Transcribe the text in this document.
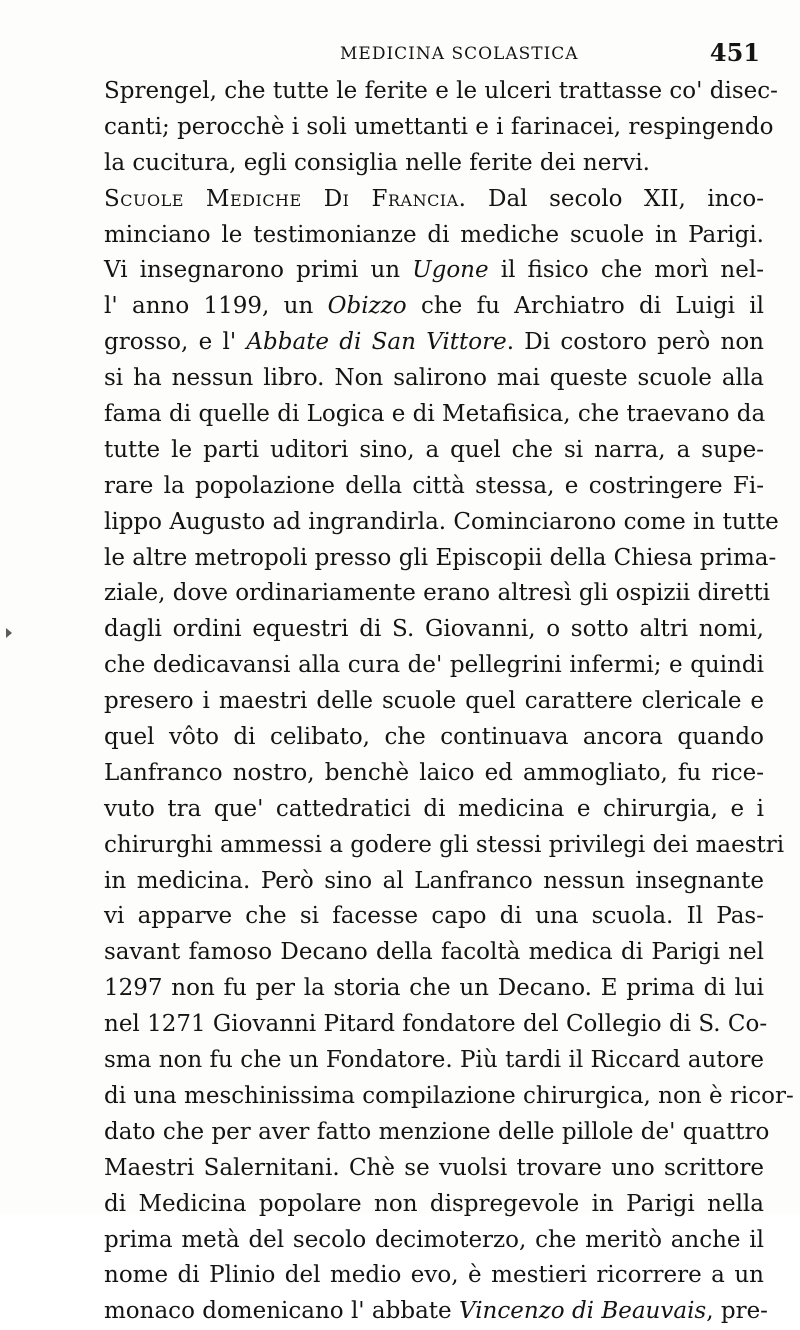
MEDICINA SCOLASTICA	451
Sprengel, che tutte le ferite e le ulceri trattasse co' disec-
canti; perocchè i soli umettanti e i farinacei, respingendo
la cucitura, egli consiglia nelle ferite dei nervi.
Scuole Mediche Di Francia. Dal secolo XII, inco-
minciano le testimonianze di mediche scuole in Parigi.
Vi insegnarono primi un Ugone il fisico che morì nel-
l' anno 1199, un Obizzo che fu Archiatro di Luigi il
grosso, e l' Abbate di San Vittore. Di costoro però non
si ha nessun libro. Non salirono mai queste scuole alla
fama di quelle di Logica e di Metafisica, che traevano da
tutte le parti uditori sino, a quel che si narra, a supe-
rare la popolazione della città stessa, e costringere Fi-
lippo Augusto ad ingrandirla. Cominciarono come in tutte
le altre metropoli presso gli Episcopii della Chiesa prima-
ziale, dove ordinariamente erano altresì gli ospizii diretti
dagli ordini equestri di S. Giovanni, o sotto altri nomi,
che dedicavansi alla cura de' pellegrini infermi; e quindi
presero i maestri delle scuole quel carattere clericale e
quel vôto di celibato, che continuava ancora quando
Lanfranco nostro, benchè laico ed ammogliato, fu rice-
vuto tra que' cattedratici di medicina e chirurgia, e i
chirurghi ammessi a godere gli stessi privilegi dei maestri
in medicina. Però sino al Lanfranco nessun insegnante
vi apparve che si facesse capo di una scuola. Il Pas-
savant famoso Decano della facoltà medica di Parigi nel
1297 non fu per la storia che un Decano. E prima di lui
nel 1271 Giovanni Pitard fondatore del Collegio di S. Co-
sma non fu che un Fondatore. Più tardi il Riccard autore
di una meschinissima compilazione chirurgica, non è ricor-
dato che per aver fatto menzione delle pillole de' quattro
Maestri Salernitani. Chè se vuolsi trovare uno scrittore
di Medicina popolare non dispregevole in Parigi nella
prima metà del secolo decimoterzo, che meritò anche il
nome di Plinio del medio evo, è mestieri ricorrere a un
monaco domenicano l' abbate Vincenzo di Beauvais, pre-
